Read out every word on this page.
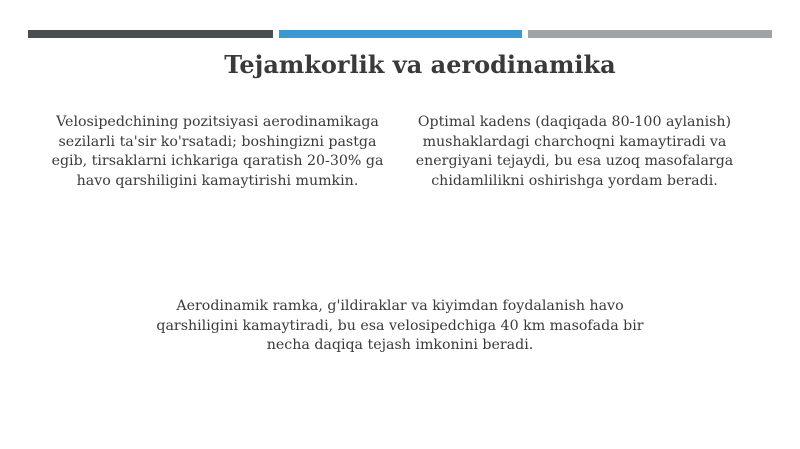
Tejamkorlik va aerodinamika
Velosipedchining pozitsiyasi aerodinamikaga sezilarli ta'sir ko'rsatadi; boshingizni pastga egib, tirsaklarni ichkariga qaratish 20-30% ga havo qarshiligini kamaytirishi mumkin.
Optimal kadens (daqiqada 80-100 aylanish) mushaklardagi charchoqni kamaytiradi va energiyani tejaydi, bu esa uzoq masofalarga chidamlilikni oshirishga yordam beradi.
Aerodinamik ramka, g'ildiraklar va kiyimdan foydalanish havo qarshiligini kamaytiradi, bu esa velosipedchiga 40 km masofada bir necha daqiqa tejash imkonini beradi.
